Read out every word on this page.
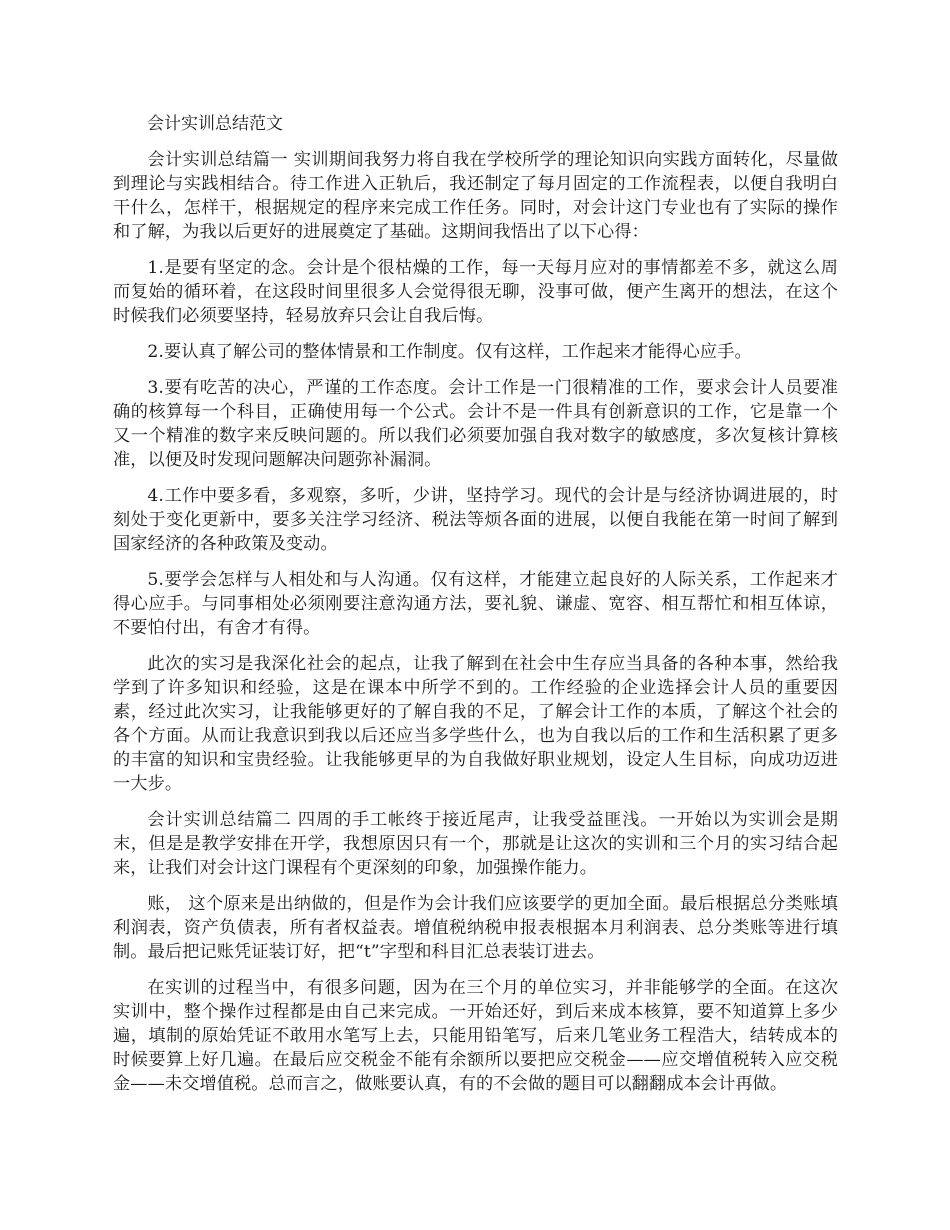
会计实训总结范文

会计实训总结篇一 实训期间我努力将自我在学校所学的理论知识向实践方面转化，尽量做到理论与实践相结合。待工作进入正轨后，我还制定了每月固定的工作流程表，以便自我明白干什么，怎样干，根据规定的程序来完成工作任务。同时，对会计这门专业也有了实际的操作和了解，为我以后更好的进展奠定了基础。这期间我悟出了以下心得：

1.是要有坚定的念。会计是个很枯燥的工作，每一天每月应对的事情都差不多，就这么周而复始的循环着，在这段时间里很多人会觉得很无聊，没事可做，便产生离开的想法，在这个时候我们必须要坚持，轻易放弃只会让自我后悔。

2.要认真了解公司的整体情景和工作制度。仅有这样，工作起来才能得心应手。

3.要有吃苦的决心，严谨的工作态度。会计工作是一门很精准的工作，要求会计人员要准确的核算每一个科目，正确使用每一个公式。会计不是一件具有创新意识的工作，它是靠一个又一个精准的数字来反映问题的。所以我们必须要加强自我对数字的敏感度，多次复核计算核准，以便及时发现问题解决问题弥补漏洞。

4.工作中要多看，多观察，多听，少讲，坚持学习。现代的会计是与经济协调进展的，时刻处于变化更新中，要多关注学习经济、税法等烦各面的进展，以便自我能在第一时间了解到国家经济的各种政策及变动。

5.要学会怎样与人相处和与人沟通。仅有这样，才能建立起良好的人际关系，工作起来才得心应手。与同事相处必须刚要注意沟通方法，要礼貌、谦虚、宽容、相互帮忙和相互体谅，不要怕付出，有舍才有得。

此次的实习是我深化社会的起点，让我了解到在社会中生存应当具备的各种本事，然给我学到了许多知识和经验，这是在课本中所学不到的。工作经验的企业选择会计人员的重要因素，经过此次实习，让我能够更好的了解自我的不足，了解会计工作的本质，了解这个社会的各个方面。从而让我意识到我以后还应当多学些什么，也为自我以后的工作和生活积累了更多的丰富的知识和宝贵经验。让我能够更早的为自我做好职业规划，设定人生目标，向成功迈进一大步。

会计实训总结篇二 四周的手工帐终于接近尾声，让我受益匪浅。一开始以为实训会是期末，但是是教学安排在开学，我想原因只有一个，那就是让这次的实训和三个月的实习结合起来，让我们对会计这门课程有个更深刻的印象，加强操作能力。

账， 这个原来是出纳做的，但是作为会计我们应该要学的更加全面。最后根据总分类账填利润表，资产负债表，所有者权益表。增值税纳税申报表根据本月利润表、总分类账等进行填制。最后把记账凭证装订好，把“t”字型和科目汇总表装订进去。

在实训的过程当中，有很多问题，因为在三个月的单位实习，并非能够学的全面。在这次实训中，整个操作过程都是由自己来完成。一开始还好，到后来成本核算，要不知道算上多少遍，填制的原始凭证不敢用水笔写上去，只能用铅笔写，后来几笔业务工程浩大，结转成本的时候要算上好几遍。在最后应交税金不能有余额所以要把应交税金——应交增值税转入应交税金——未交增值税。总而言之，做账要认真，有的不会做的题目可以翻翻成本会计再做。
